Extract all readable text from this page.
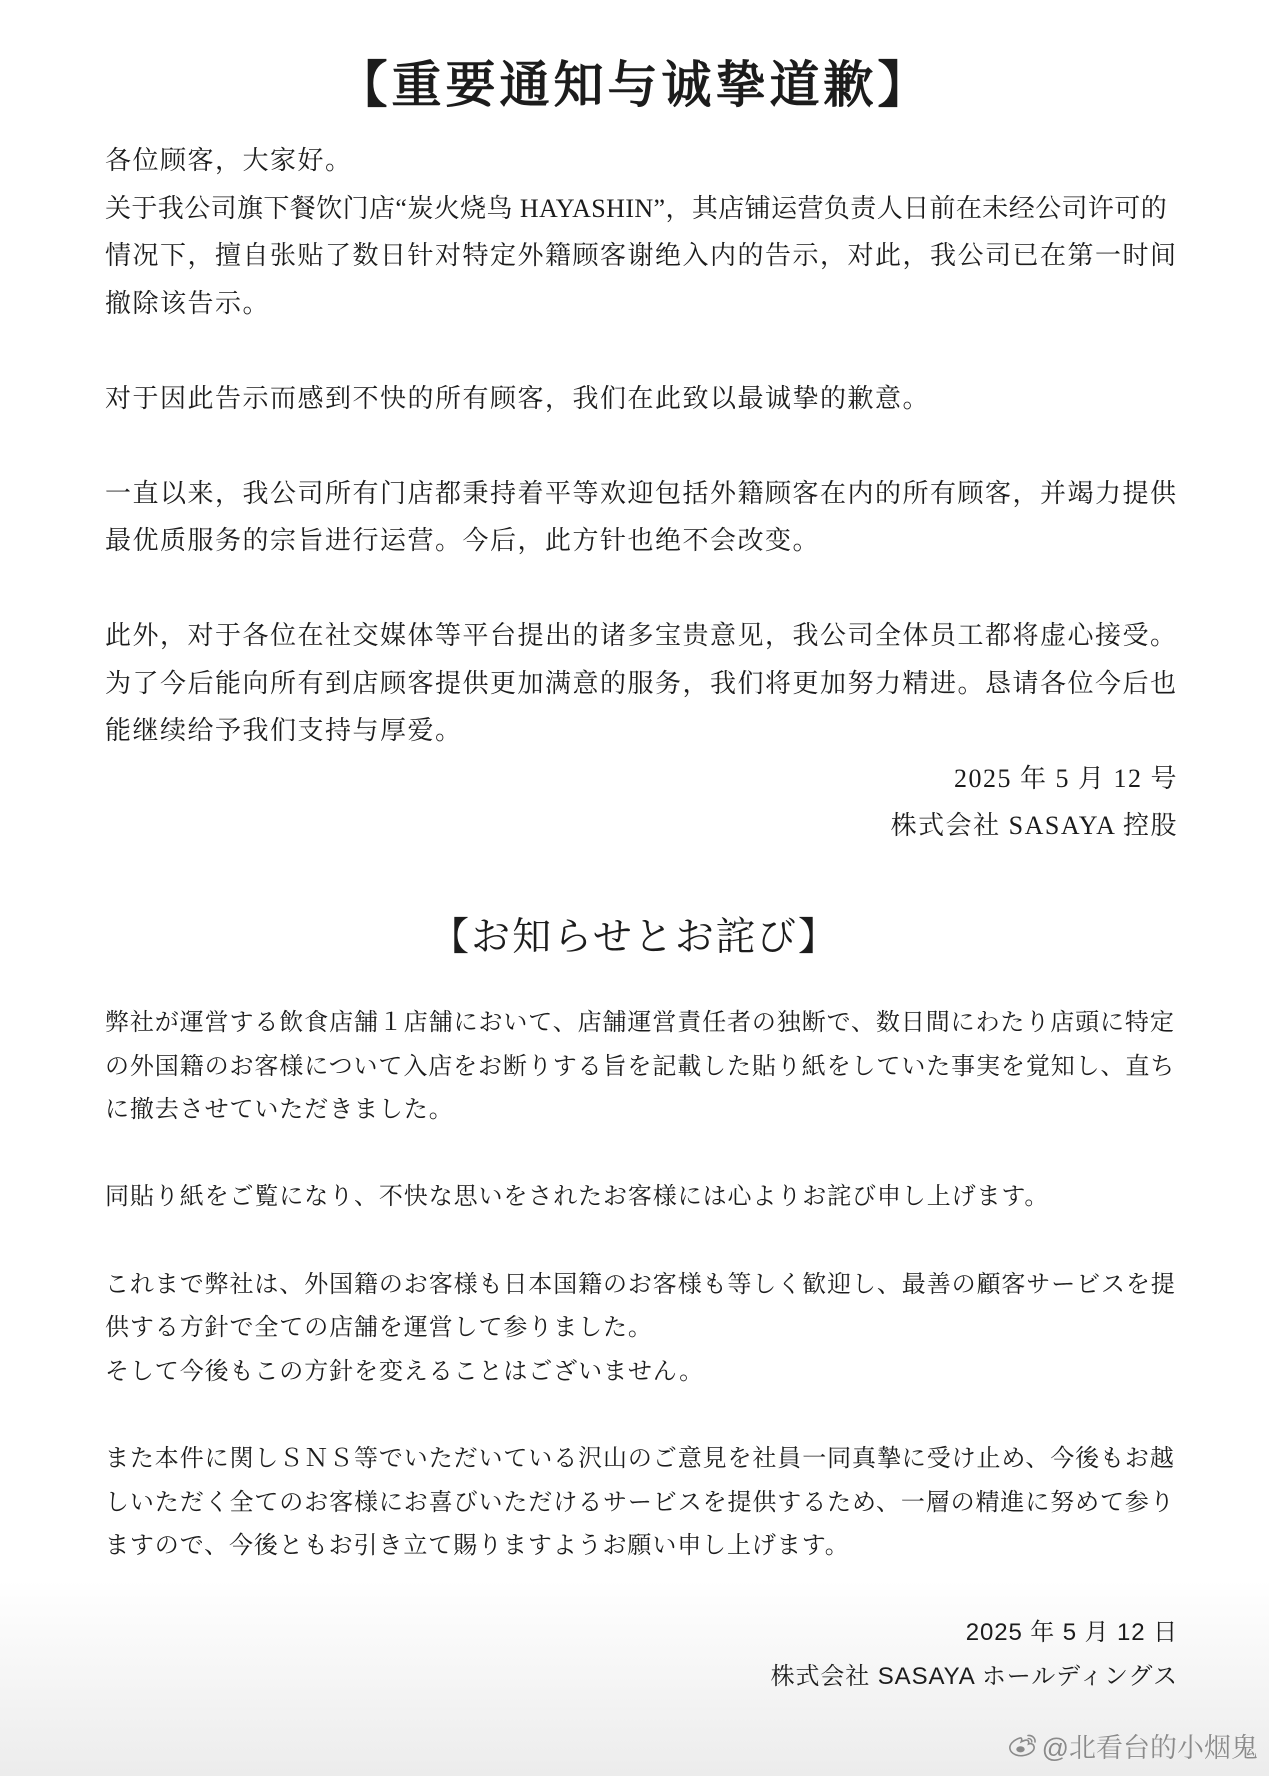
【重要通知与诚挚道歉】
各位顾客，大家好。
关于我公司旗下餐饮门店“炭火烧鸟 HAYASHIN”，其店铺运营负责人日前在未经公司许可的
情况下，擅自张贴了数日针对特定外籍顾客谢绝入内的告示，对此，我公司已在第一时间
撤除该告示。
对于因此告示而感到不快的所有顾客，我们在此致以最诚挚的歉意。
一直以来，我公司所有门店都秉持着平等欢迎包括外籍顾客在内的所有顾客，并竭力提供
最优质服务的宗旨进行运营。今后，此方针也绝不会改变。
此外，对于各位在社交媒体等平台提出的诸多宝贵意见，我公司全体员工都将虚心接受。
为了今后能向所有到店顾客提供更加满意的服务，我们将更加努力精进。恳请各位今后也
能继续给予我们支持与厚爱。
2025 年 5 月 12 号
株式会社 SASAYA 控股
【お知らせとお詫び】
弊社が運営する飲食店舗１店舗において、店舗運営責任者の独断で、数日間にわたり店頭に特定
の外国籍のお客様について入店をお断りする旨を記載した貼り紙をしていた事実を覚知し、直ち
に撤去させていただきました。
同貼り紙をご覧になり、不快な思いをされたお客様には心よりお詫び申し上げます。
これまで弊社は、外国籍のお客様も日本国籍のお客様も等しく歓迎し、最善の顧客サービスを提
供する方針で全ての店舗を運営して参りました。
そして今後もこの方針を変えることはございません。
また本件に関しＳＮＳ等でいただいている沢山のご意見を社員一同真摯に受け止め、今後もお越
しいただく全てのお客様にお喜びいただけるサービスを提供するため、一層の精進に努めて参り
ますので、今後ともお引き立て賜りますようお願い申し上げます。
2025 年 5 月 12 日
株式会社 SASAYA ホールディングス
@北看台的小烟鬼
